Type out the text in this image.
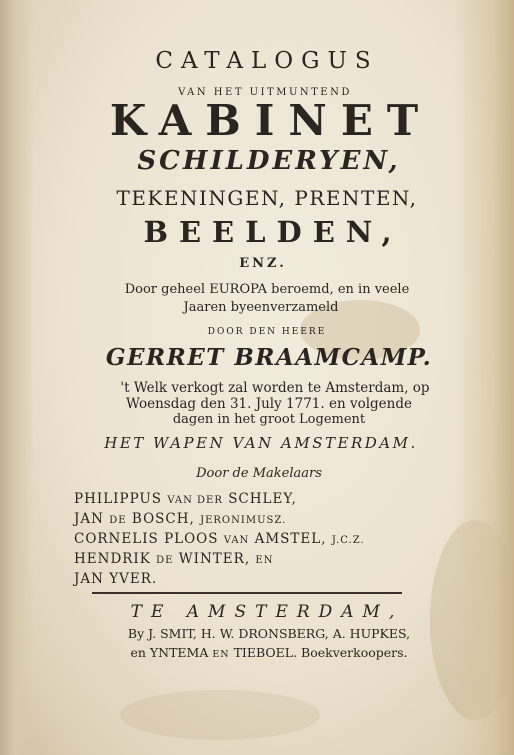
CATALOGUS
VAN HET UITMUNTEND
KABINET
SCHILDERYEN,
TEKENINGEN, PRENTEN,
BEELDEN,
ENZ.
Door geheel EUROPA beroemd, en in veele
Jaaren byeenverzameld
DOOR DEN HEERE
GERRET BRAAMCAMP.
't Welk verkogt zal worden te Amsterdam, op
Woensdag den 31. July 1771. en volgende
dagen in het groot Logement
HET WAPEN VAN AMSTERDAM.
Door de Makelaars
PHILIPPUS VAN DER SCHLEY,
JAN DE BOSCH, JERONIMUSZ.
CORNELIS PLOOS VAN AMSTEL, J.C.Z.
HENDRIK DE WINTER, EN
JAN YVER.
TE AMSTERDAM,
By J. SMIT, H. W. DRONSBERG, A. HUPKES,
en YNTEMA EN TIEBOEL. Boekverkoopers.
